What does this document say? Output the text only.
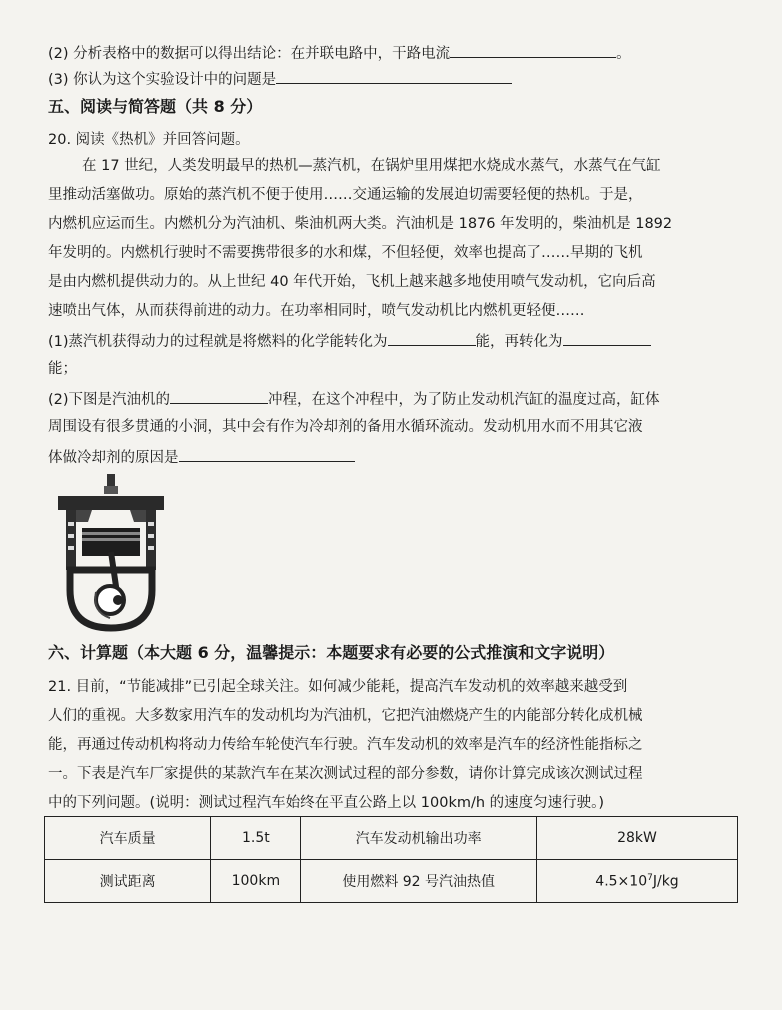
(2) 分析表格中的数据可以得出结论：在并联电路中，干路电流	。
(3) 你认为这个实验设计中的问题是
五、阅读与简答题（共 8 分）
20. 阅读《热机》并回答问题。
在 17 世纪，人类发明最早的热机—蒸汽机，在锅炉里用煤把水烧成水蒸气，水蒸气在气缸
里推动活塞做功。原始的蒸汽机不便于使用……交通运输的发展迫切需要轻便的热机。于是，
内燃机应运而生。内燃机分为汽油机、柴油机两大类。汽油机是 1876 年发明的，柴油机是 1892
年发明的。内燃机行驶时不需要携带很多的水和煤，不但轻便，效率也提高了……早期的飞机
是由内燃机提供动力的。从上世纪 40 年代开始，飞机上越来越多地使用喷气发动机，它向后高
速喷出气体，从而获得前进的动力。在功率相同时，喷气发动机比内燃机更轻便……
(1)蒸汽机获得动力的过程就是将燃料的化学能转化为	能，再转化为
能；
(2)下图是汽油机的	冲程，在这个冲程中，为了防止发动机汽缸的温度过高，缸体
周围设有很多贯通的小洞，其中会有作为冷却剂的备用水循环流动。发动机用水而不用其它液
体做冷却剂的原因是
六、计算题（本大题 6 分，温馨提示：本题要求有必要的公式推演和文字说明）
21. 目前，“节能减排”已引起全球关注。如何减少能耗，提高汽车发动机的效率越来越受到
人们的重视。大多数家用汽车的发动机均为汽油机，它把汽油燃烧产生的内能部分转化成机械
能，再通过传动机构将动力传给车轮使汽车行驶。汽车发动机的效率是汽车的经济性能指标之
一。下表是汽车厂家提供的某款汽车在某次测试过程的部分参数，请你计算完成该次测试过程
中的下列问题。(说明：测试过程汽车始终在平直公路上以 100km/h 的速度匀速行驶。)
汽车质量	1.5t	汽车发动机输出功率	28kW
测试距离	100km	使用燃料 92 号汽油热值	$4.5\times 10^7J/kg$
